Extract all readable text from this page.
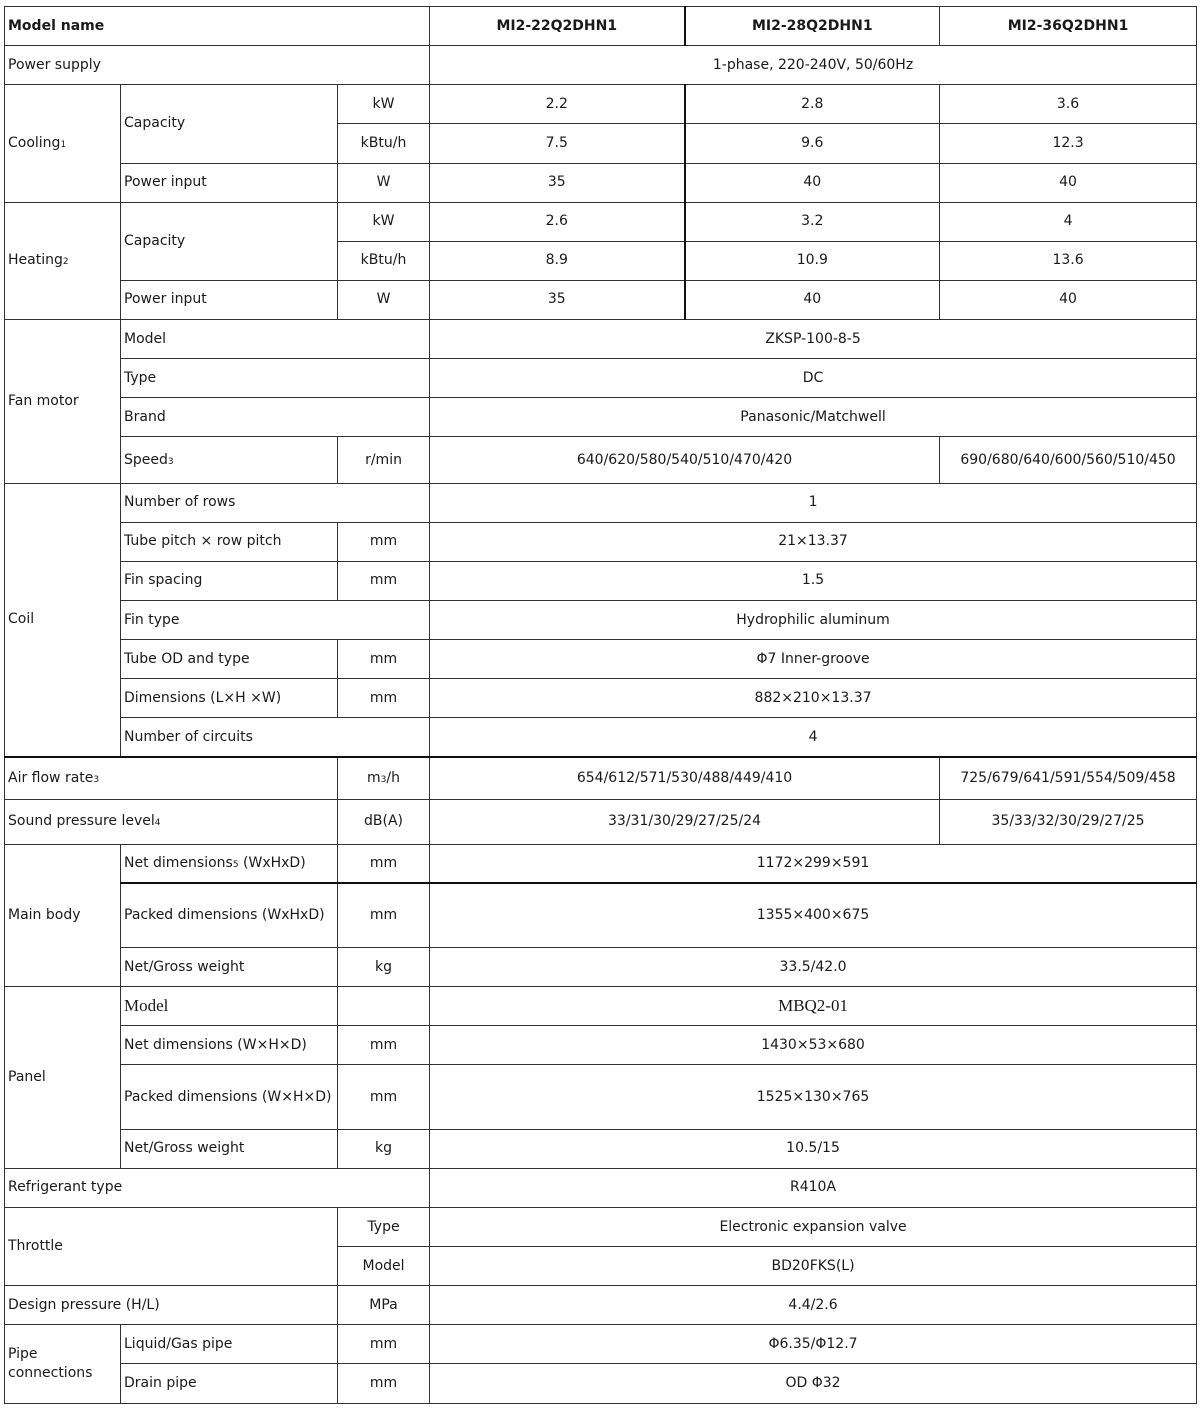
Model name			MI2-22Q2DHN1	MI2-28Q2DHN1	MI2-36Q2DHN1
Power supply			1-phase, 220-240V, 50/60Hz		
Cooling1	Capacity	kW	2.2	2.8	3.6
		kBtu/h	7.5	9.6	12.3
	Power input	W	35	40	40
Heating2	Capacity	kW	2.6	3.2	4
		kBtu/h	8.9	10.9	13.6
	Power input	W	35	40	40
Fan motor	Model		ZKSP-100-8-5		
	Type		DC		
	Brand		Panasonic/Matchwell		
	Speed3	r/min	640/620/580/540/510/470/420		690/680/640/600/560/510/450
Coil	Number of rows		1		
	Tube pitch × row pitch	mm	21×13.37		
	Fin spacing	mm	1.5		
	Fin type		Hydrophilic aluminum		
	Tube OD and type	mm	Φ7 Inner-groove		
	Dimensions (L×H ×W)	mm	882×210×13.37		
	Number of circuits		4		
Air flow rate3		m3/h	654/612/571/530/488/449/410		725/679/641/591/554/509/458
Sound pressure level4		dB(A)	33/31/30/29/27/25/24		35/33/32/30/29/27/25
Main body	Net dimensions5 (WxHxD)	mm	1172×299×591		
	Packed dimensions (WxHxD)	mm	1355×400×675		
	Net/Gross weight	kg	33.5/42.0		
Panel	Model		MBQ2-01		
	Net dimensions (W×H×D)	mm	1430×53×680		
	Packed dimensions (W×H×D)	mm	1525×130×765		
	Net/Gross weight	kg	10.5/15		
Refrigerant type			R410A		
Throttle		Type	Electronic expansion valve		
		Model	BD20FKS(L)		
Design pressure (H/L)		MPa	4.4/2.6		
Pipe connections	Liquid/Gas pipe	mm	Φ6.35/Φ12.7		
	Drain pipe	mm	OD Φ32		
